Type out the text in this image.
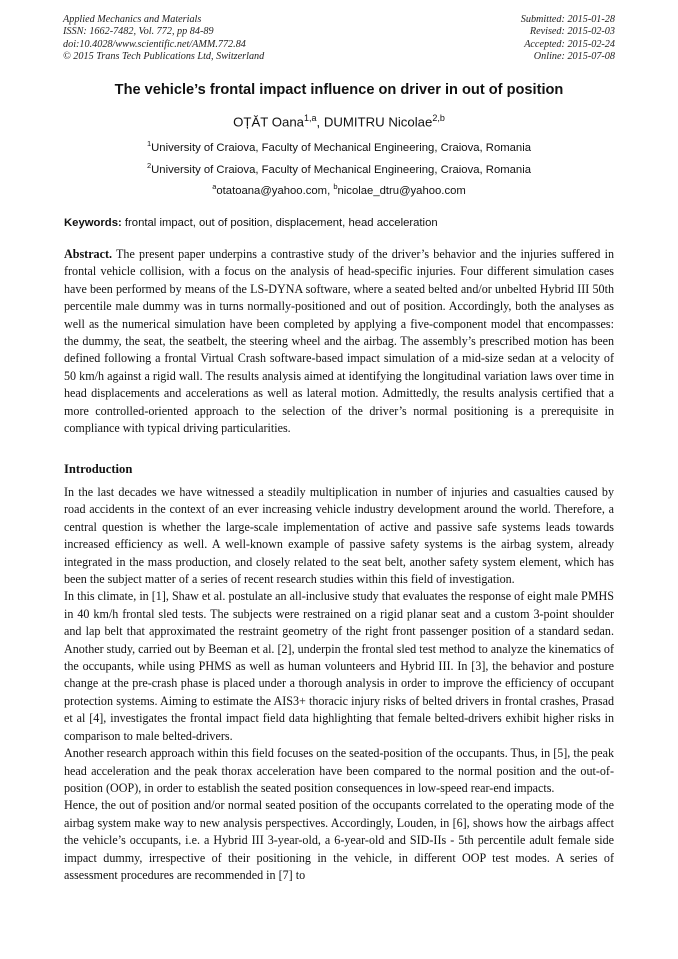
Applied Mechanics and Materials
ISSN: 1662-7482, Vol. 772, pp 84-89
doi:10.4028/www.scientific.net/AMM.772.84
© 2015 Trans Tech Publications Ltd, Switzerland
Submitted: 2015-01-28
Revised: 2015-02-03
Accepted: 2015-02-24
Online: 2015-07-08
The vehicle’s frontal impact influence on driver in out of position
OȚĂT Oana$^{1,a}$, DUMITRU Nicolae$^{2,b}$
$^1$University of Craiova, Faculty of Mechanical Engineering, Craiova, Romania
$^2$University of Craiova, Faculty of Mechanical Engineering, Craiova, Romania
$^a$otatoana@yahoo.com, $^b$nicolae_dtru@yahoo.com
Keywords: frontal impact, out of position, displacement, head acceleration
Abstract. The present paper underpins a contrastive study of the driver’s behavior and the injuries suffered in frontal vehicle collision, with a focus on the analysis of head-specific injuries. Four different simulation cases have been performed by means of the LS-DYNA software, where a seated belted and/or unbelted Hybrid III 50th percentile male dummy was in turns normally-positioned and out of position. Accordingly, both the analyses as well as the numerical simulation have been completed by applying a five-component model that encompasses: the dummy, the seat, the seatbelt, the steering wheel and the airbag. The assembly’s prescribed motion has been defined following a frontal Virtual Crash software-based impact simulation of a mid-size sedan at a velocity of 50 km/h against a rigid wall. The results analysis aimed at identifying the longitudinal variation laws over time in head displacements and accelerations as well as lateral motion. Admittedly, the results analysis certified that a more controlled-oriented approach to the selection of the driver’s normal positioning is a prerequisite in compliance with typical driving particularities.
Introduction

In the last decades we have witnessed a steadily multiplication in number of injuries and casualties caused by road accidents in the context of an ever increasing vehicle industry development around the world. Therefore, a central question is whether the large-scale implementation of active and passive safe systems leads towards increased efficiency as well. A well-known example of passive safety systems is the airbag system, already integrated in the mass production, and closely related to the seat belt, another safety system element, which has been the subject matter of a series of recent research studies within this field of investigation.

In this climate, in [1], Shaw et al. postulate an all-inclusive study that evaluates the response of eight male PMHS in 40 km/h frontal sled tests. The subjects were restrained on a rigid planar seat and a custom 3-point shoulder and lap belt that approximated the restraint geometry of the right front passenger position of a standard sedan. Another study, carried out by Beeman et al. [2], underpin the frontal sled test method to analyze the kinematics of the occupants, while using PHMS as well as human volunteers and Hybrid III. In [3], the behavior and posture change at the pre-crash phase is placed under a thorough analysis in order to improve the efficiency of occupant protection systems. Aiming to estimate the AIS3+ thoracic injury risks of belted drivers in frontal crashes, Prasad et al [4], investigates the frontal impact field data highlighting that female belted-drivers exhibit higher risks in comparison to male belted-drivers.

Another research approach within this field focuses on the seated-position of the occupants. Thus, in [5], the peak head acceleration and the peak thorax acceleration have been compared to the normal position and the out-of-position (OOP), in order to establish the seated position consequences in low-speed rear-end impacts.

Hence, the out of position and/or normal seated position of the occupants correlated to the operating mode of the airbag system make way to new analysis perspectives. Accordingly, Louden, in [6], shows how the airbags affect the vehicle’s occupants, i.e. a Hybrid III 3-year-old, a 6-year-old and SID-IIs - 5th percentile adult female side impact dummy, irrespective of their positioning in the vehicle, in different OOP test modes. A series of assessment procedures are recommended in [7] to
